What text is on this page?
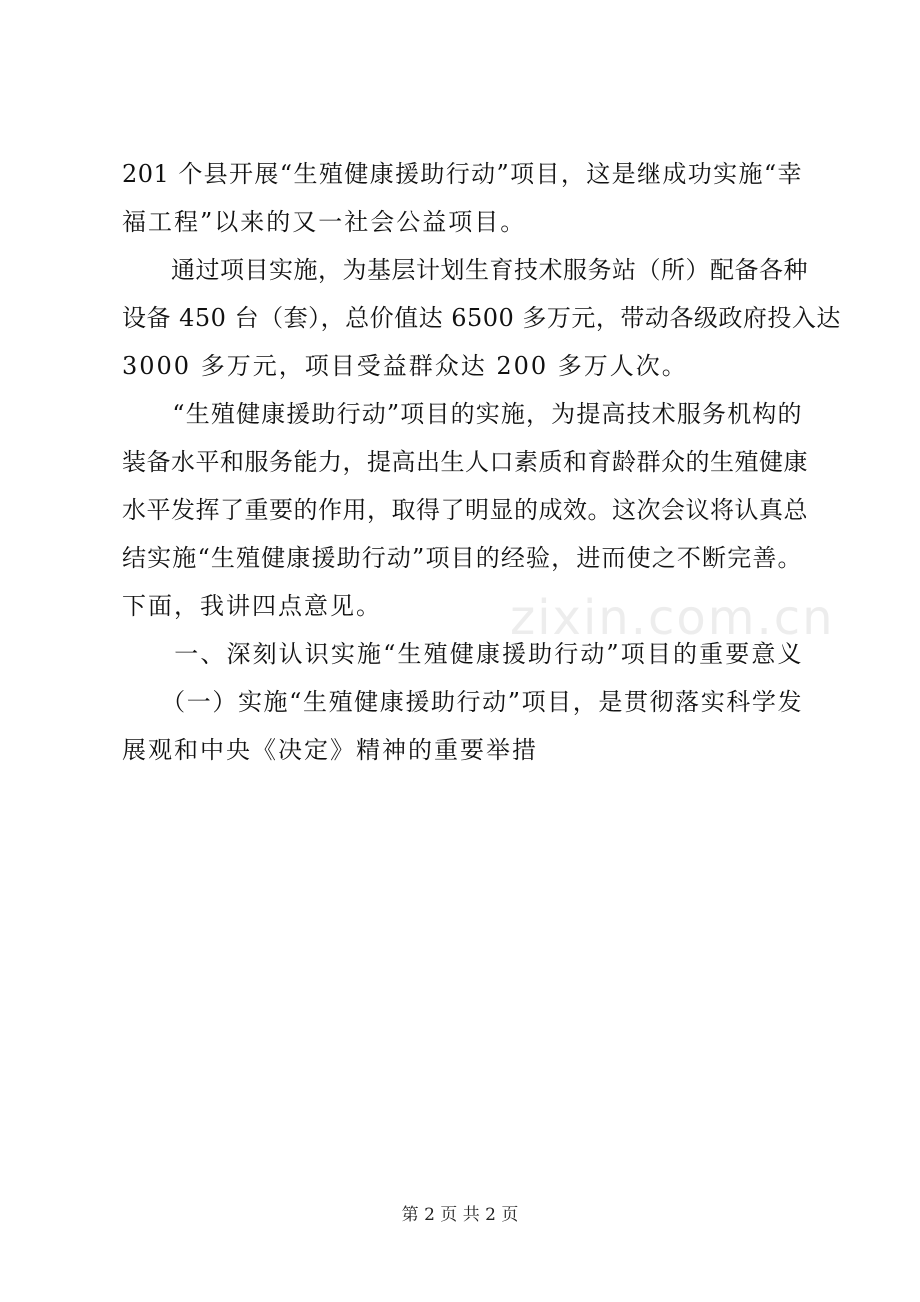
zixin.com.cn
201 个县开展“生殖健康援助行动”项目，这是继成功实施“幸
福工程”以来的又一社会公益项目。
　　通过项目实施，为基层计划生育技术服务站（所）配备各种
设备 450 台（套），总价值达 6500 多万元，带动各级政府投入达
3000 多万元，项目受益群众达 200 多万人次。
　　“生殖健康援助行动”项目的实施，为提高技术服务机构的
装备水平和服务能力，提高出生人口素质和育龄群众的生殖健康
水平发挥了重要的作用，取得了明显的成效。这次会议将认真总
结实施“生殖健康援助行动”项目的经验，进而使之不断完善。
下面，我讲四点意见。
　　一、深刻认识实施“生殖健康援助行动”项目的重要意义
　　（一）实施“生殖健康援助行动”项目，是贯彻落实科学发
展观和中央《决定》精神的重要举措
第 2 页 共 2 页
